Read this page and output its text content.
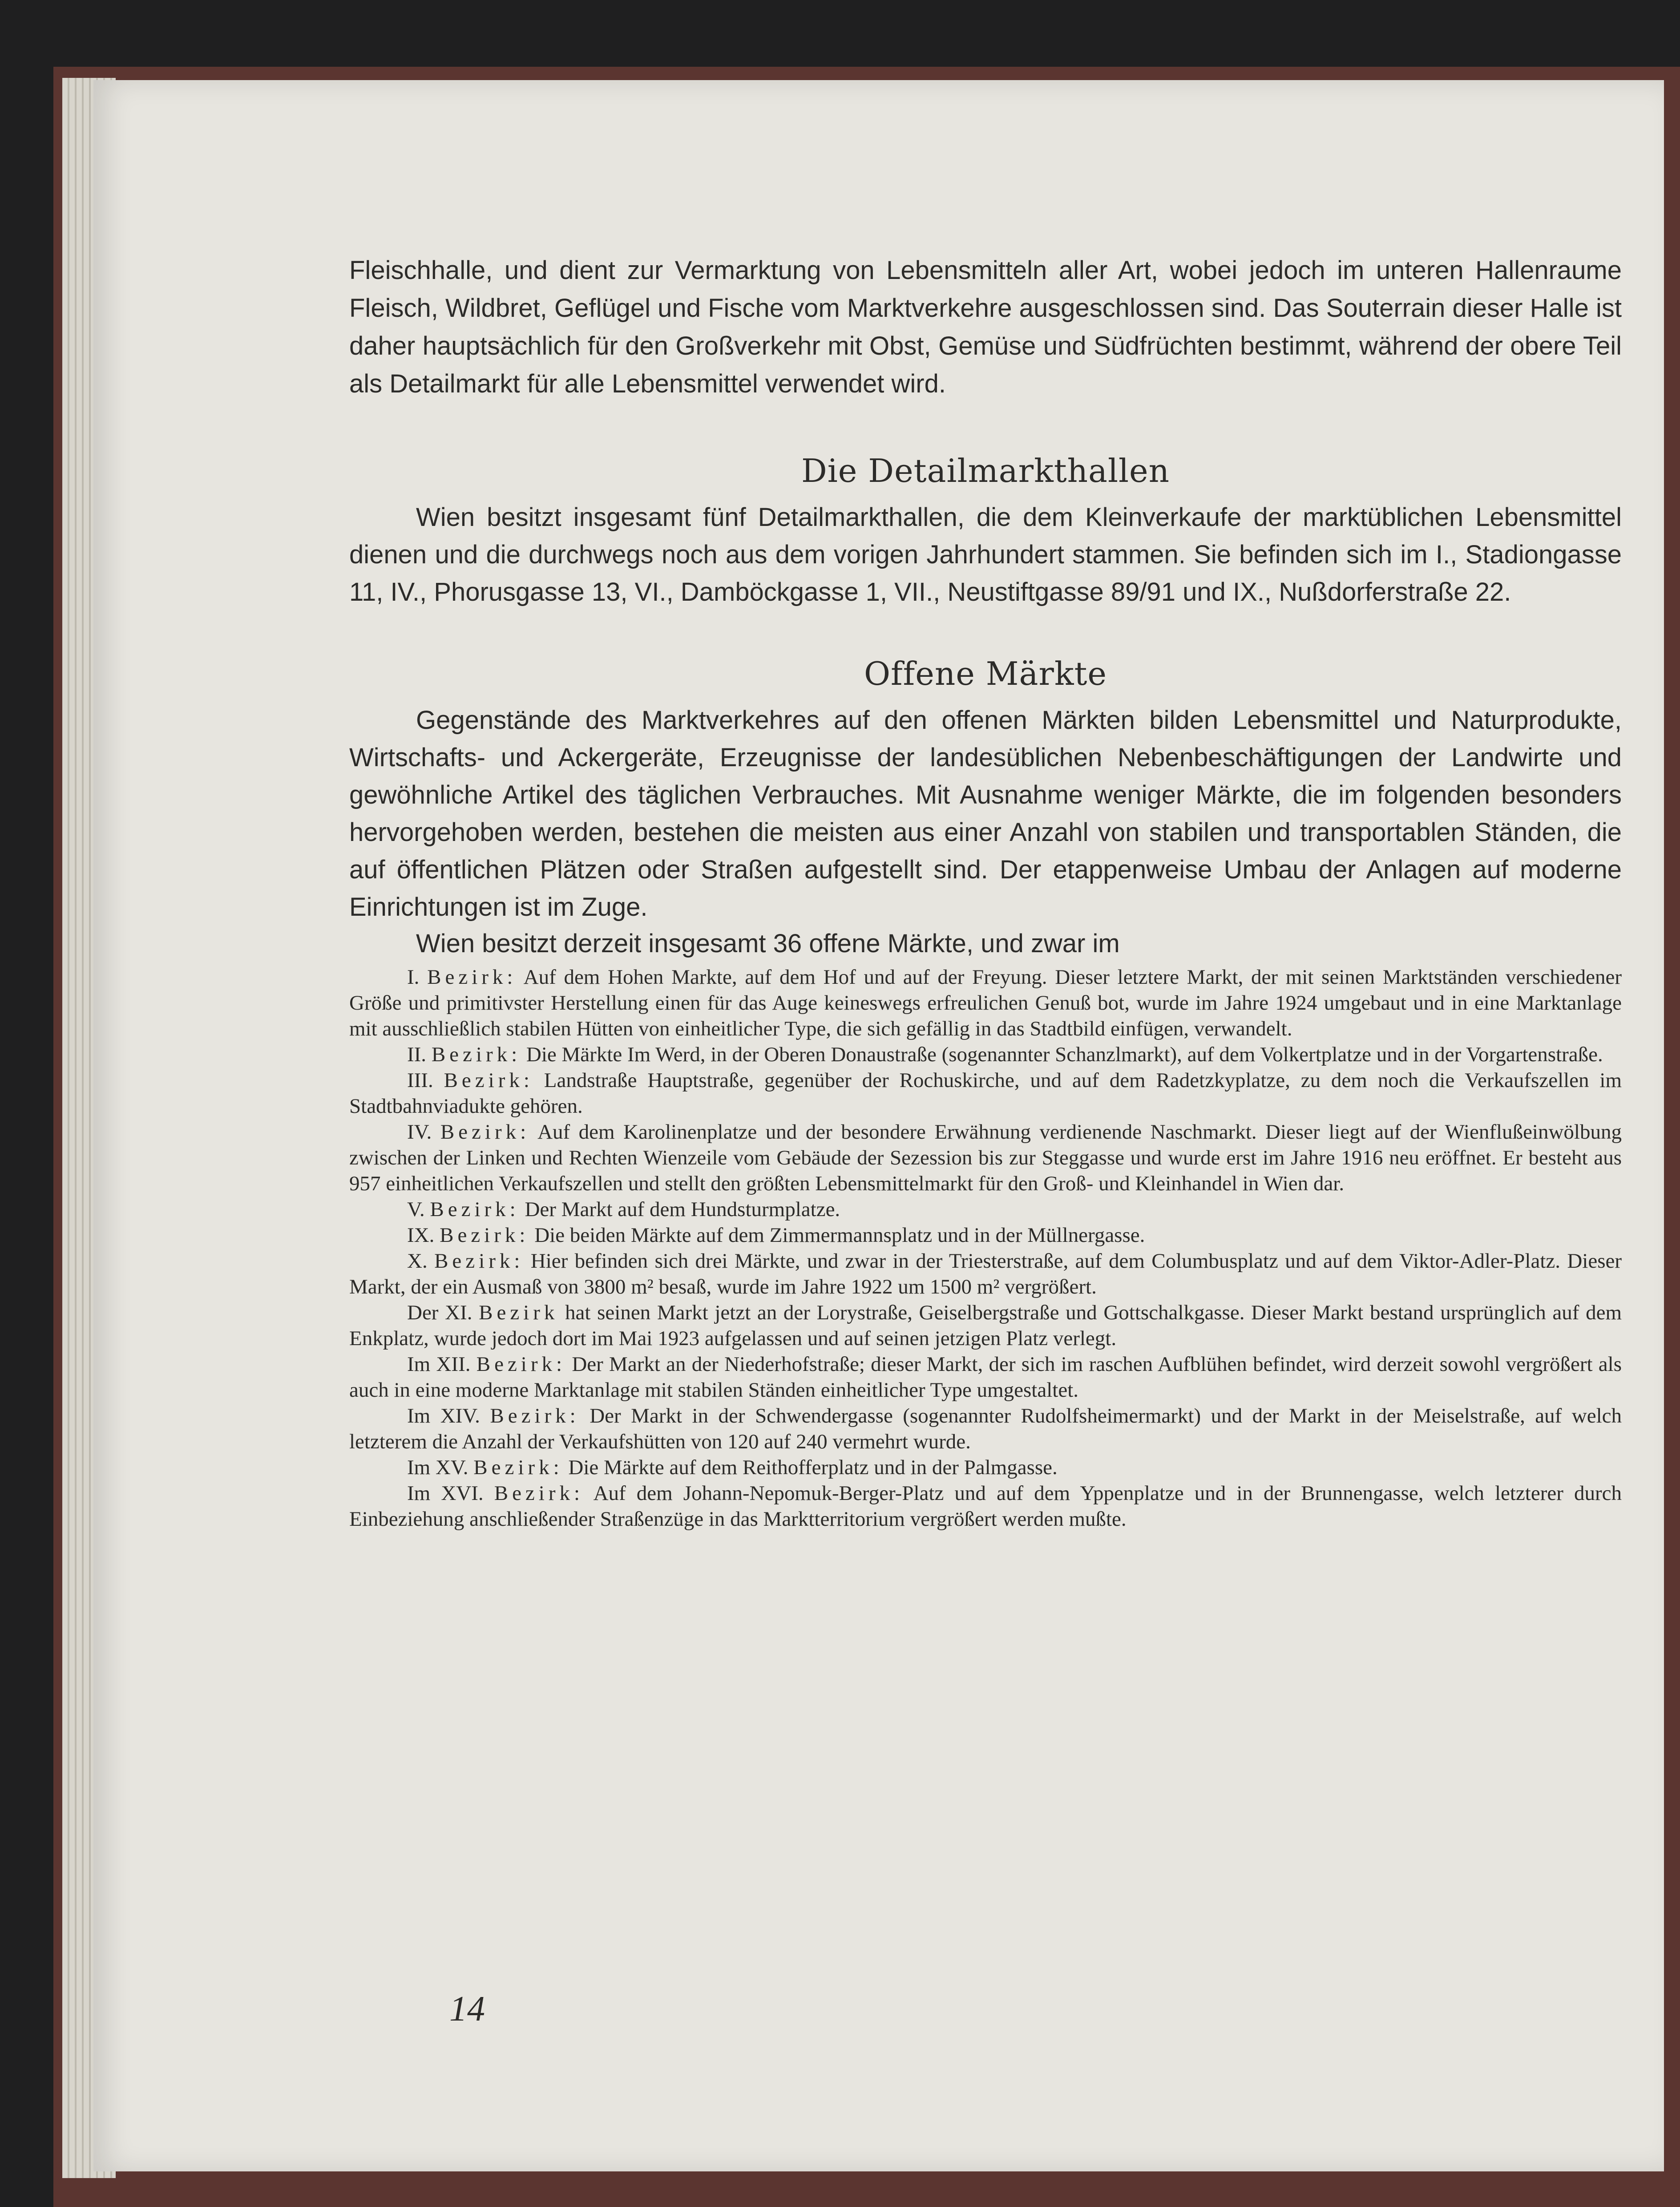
Fleischhalle, und dient zur Vermarktung von Lebensmitteln aller Art, wobei jedoch im unteren Hallenraume Fleisch, Wildbret, Geflügel und Fische vom Marktverkehre ausgeschlossen sind. Das Souterrain dieser Halle ist daher hauptsächlich für den Großverkehr mit Obst, Gemüse und Südfrüchten bestimmt, während der obere Teil als Detailmarkt für alle Lebensmittel verwendet wird.

Die Detailmarkthallen

Wien besitzt insgesamt fünf Detailmarkthallen, die dem Kleinverkaufe der marktüblichen Lebensmittel dienen und die durchwegs noch aus dem vorigen Jahrhundert stammen. Sie befinden sich im I., Stadiongasse 11, IV., Phorusgasse 13, VI., Damböckgasse 1, VII., Neustiftgasse 89/91 und IX., Nußdorferstraße 22.

Offene Märkte

Gegenstände des Marktverkehres auf den offenen Märkten bilden Lebensmittel und Naturprodukte, Wirtschafts- und Ackergeräte, Erzeugnisse der landesüblichen Nebenbeschäftigungen der Landwirte und gewöhnliche Artikel des täglichen Verbrauches. Mit Ausnahme weniger Märkte, die im folgenden besonders hervorgehoben werden, bestehen die meisten aus einer Anzahl von stabilen und transportablen Ständen, die auf öffentlichen Plätzen oder Straßen aufgestellt sind. Der etappenweise Umbau der Anlagen auf moderne Einrichtungen ist im Zuge.

Wien besitzt derzeit insgesamt 36 offene Märkte, und zwar im

I. Bezirk: Auf dem Hohen Markte, auf dem Hof und auf der Freyung. Dieser letztere Markt, der mit seinen Marktständen verschiedener Größe und primitivster Herstellung einen für das Auge keineswegs erfreulichen Genuß bot, wurde im Jahre 1924 umgebaut und in eine Marktanlage mit ausschließlich stabilen Hütten von einheitlicher Type, die sich gefällig in das Stadtbild einfügen, verwandelt.

II. Bezirk: Die Märkte Im Werd, in der Oberen Donaustraße (sogenannter Schanzlmarkt), auf dem Volkertplatze und in der Vorgartenstraße.

III. Bezirk: Landstraße Hauptstraße, gegenüber der Rochuskirche, und auf dem Radetzkyplatze, zu dem noch die Verkaufszellen im Stadtbahnviadukte gehören.

IV. Bezirk: Auf dem Karolinenplatze und der besondere Erwähnung verdienende Naschmarkt. Dieser liegt auf der Wienflußeinwölbung zwischen der Linken und Rechten Wienzeile vom Gebäude der Sezession bis zur Steggasse und wurde erst im Jahre 1916 neu eröffnet. Er besteht aus 957 einheitlichen Verkaufszellen und stellt den größten Lebensmittelmarkt für den Groß- und Kleinhandel in Wien dar.

V. Bezirk: Der Markt auf dem Hundsturmplatze.

IX. Bezirk: Die beiden Märkte auf dem Zimmermannsplatz und in der Müllnergasse.

X. Bezirk: Hier befinden sich drei Märkte, und zwar in der Triesterstraße, auf dem Columbusplatz und auf dem Viktor-Adler-Platz. Dieser Markt, der ein Ausmaß von 3800 m² besaß, wurde im Jahre 1922 um 1500 m² vergrößert.

Der XI. Bezirk hat seinen Markt jetzt an der Lorystraße, Geiselbergstraße und Gottschalkgasse. Dieser Markt bestand ursprünglich auf dem Enkplatz, wurde jedoch dort im Mai 1923 aufgelassen und auf seinen jetzigen Platz verlegt.

Im XII. Bezirk: Der Markt an der Niederhofstraße; dieser Markt, der sich im raschen Aufblühen befindet, wird derzeit sowohl vergrößert als auch in eine moderne Marktanlage mit stabilen Ständen einheitlicher Type umgestaltet.

Im XIV. Bezirk: Der Markt in der Schwendergasse (sogenannter Rudolfsheimermarkt) und der Markt in der Meiselstraße, auf welch letzterem die Anzahl der Verkaufshütten von 120 auf 240 vermehrt wurde.

Im XV. Bezirk: Die Märkte auf dem Reithofferplatz und in der Palmgasse.

Im XVI. Bezirk: Auf dem Johann-Nepomuk-Berger-Platz und auf dem Yppenplatze und in der Brunnengasse, welch letzterer durch Einbeziehung anschließender Straßenzüge in das Marktterritorium vergrößert werden mußte.

14
